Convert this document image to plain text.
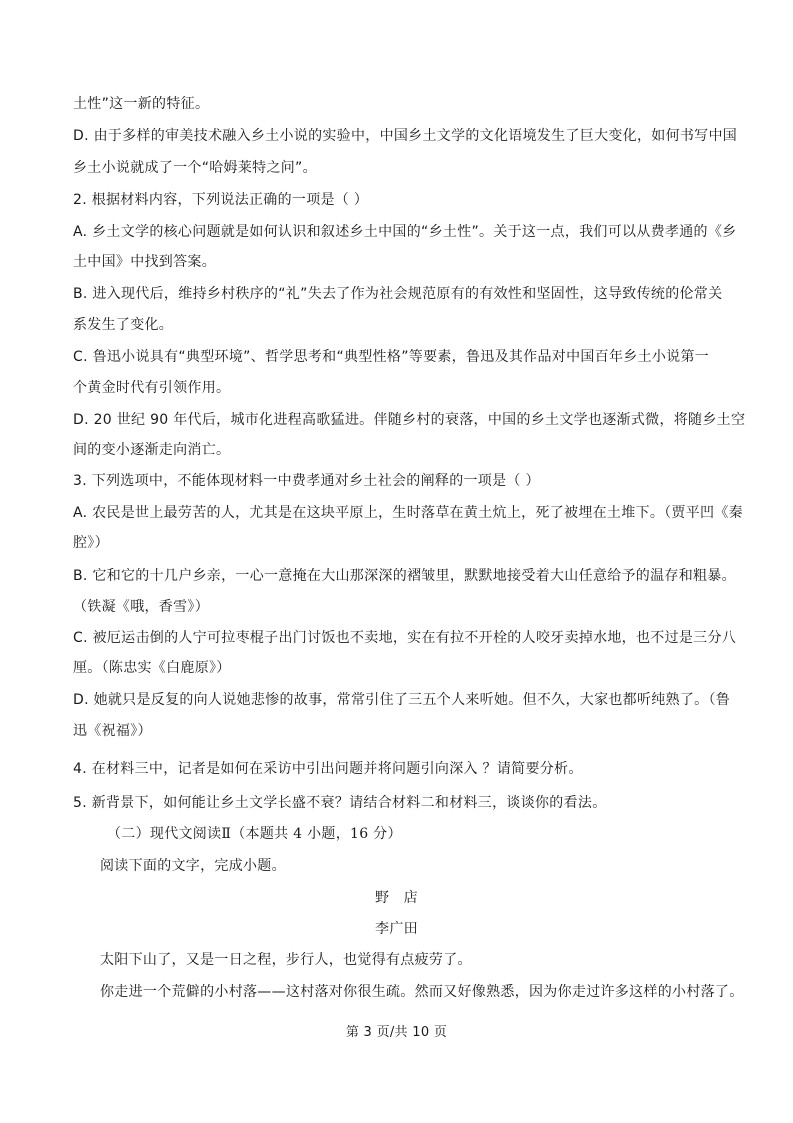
土性”这一新的特征。
D. 由于多样的审美技术融入乡土小说的实验中，中国乡土文学的文化语境发生了巨大变化，如何书写中国
乡土小说就成了一个“哈姆莱特之问”。
2. 根据材料内容，下列说法正确的一项是（ ）
A. 乡土文学的核心问题就是如何认识和叙述乡土中国的“乡土性”。关于这一点，我们可以从费孝通的《乡
土中国》中找到答案。
B. 进入现代后，维持乡村秩序的“礼”失去了作为社会规范原有的有效性和坚固性，这导致传统的伦常关
系发生了变化。
C. 鲁迅小说具有“典型环境”、哲学思考和“典型性格”等要素，鲁迅及其作品对中国百年乡土小说第一
个黄金时代有引领作用。
D. 20 世纪 90 年代后，城市化进程高歌猛进。伴随乡村的衰落，中国的乡土文学也逐渐式微，将随乡土空
间的变小逐渐走向消亡。
3. 下列选项中，不能体现材料一中费孝通对乡土社会的阐释的一项是（ ）
A. 农民是世上最劳苦的人，尤其是在这块平原上，生时落草在黄土炕上，死了被埋在土堆下。（贾平凹《秦
腔》）
B. 它和它的十几户乡亲，一心一意掩在大山那深深的褶皱里，默默地接受着大山任意给予的温存和粗暴。
（铁凝《哦，香雪》）
C. 被厄运击倒的人宁可拉枣棍子出门讨饭也不卖地，实在有拉不开栓的人咬牙卖掉水地，也不过是三分八
厘。（陈忠实《白鹿原》）
D. 她就只是反复的向人说她悲惨的故事，常常引住了三五个人来听她。但不久，大家也都听纯熟了。（鲁
迅《祝福》）
4. 在材料三中，记者是如何在采访中引出问题并将问题引向深入 ？请简要分析。
5. 新背景下，如何能让乡土文学长盛不衰？请结合材料二和材料三，谈谈你的看法。
（二）现代文阅读Ⅱ（本题共 4 小题，16 分）
阅读下面的文字，完成小题。
野　店
李广田
太阳下山了，又是一日之程，步行人，也觉得有点疲劳了。
你走进一个荒僻的小村落——这村落对你很生疏。然而又好像熟悉，因为你走过许多这样的小村落了。
第 3 页/共 10 页
